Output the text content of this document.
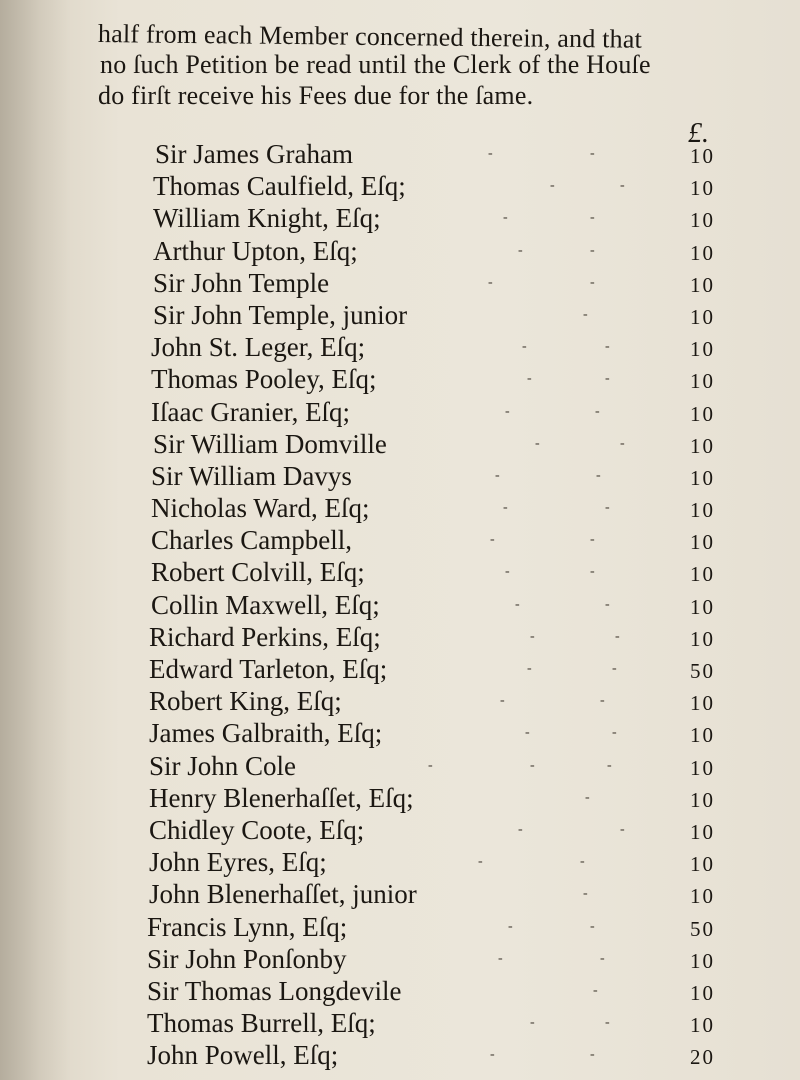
half from each Member concerned therein, and that
no ſuch Petition be read until the Clerk of the Houſe
do firſt receive his Fees due for the ſame.
£.
Sir James Graham	-	-	10
Thomas Caulfield, Eſq;	-	-	10
William Knight, Eſq;	-	-	10
Arthur Upton, Eſq;	-	-	10
Sir John Temple	-	-	10
Sir John Temple, junior	-	10
John St. Leger, Eſq;	-	-	10
Thomas Pooley, Eſq;	-	-	10
Iſaac Granier, Eſq;	-	-	10
Sir William Domville	-	-	10
Sir William Davys	-	-	10
Nicholas Ward, Eſq;	-	-	10
Charles Campbell,	-	-	10
Robert Colvill, Eſq;	-	-	10
Collin Maxwell, Eſq;	-	-	10
Richard Perkins, Eſq;	-	-	10
Edward Tarleton, Eſq;	-	-	50
Robert King, Eſq;	-	-	10
James Galbraith, Eſq;	-	-	10
Sir John Cole	-	-	-	10
Henry Blenerhaſſet, Eſq;	-	10
Chidley Coote, Eſq;	-	-	10
John Eyres, Eſq;	-	-	10
John Blenerhaſſet, junior	-	10
Francis Lynn, Eſq;	-	-	50
Sir John Ponſonby	-	-	10
Sir Thomas Longdevile	-	10
Thomas Burrell, Eſq;	-	-	10
John Powell, Eſq;	-	-	20
